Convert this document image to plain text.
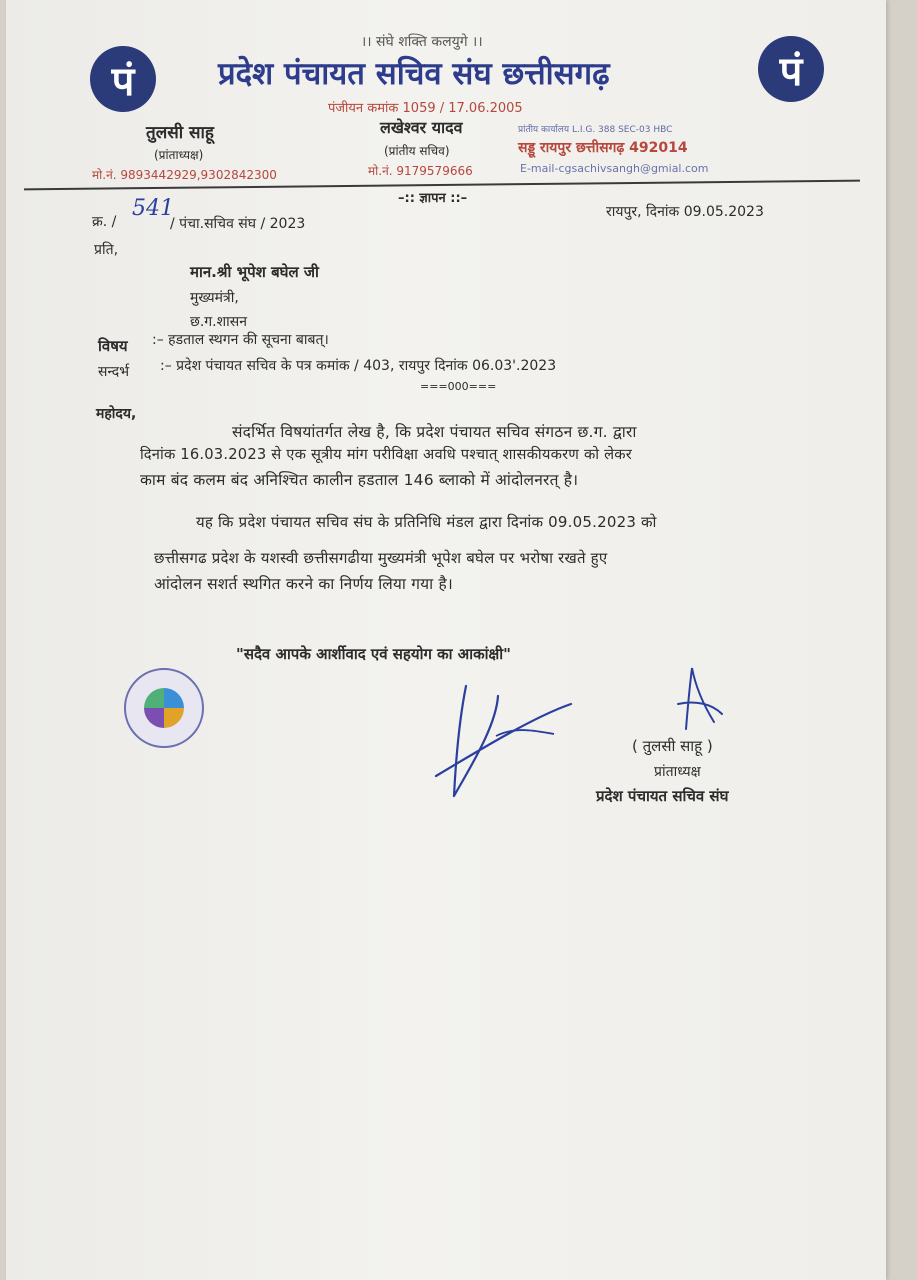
पं	पं
।। संघे शक्ति कलयुगे ।।
प्रदेश पंचायत सचिव संघ छत्तीसगढ़
पंजीयन कमांक 1059 / 17.06.2005
तुलसी साहू
(प्रांताध्यक्ष)
मो.नं. 9893442929,9302842300
लखेश्वर यादव
(प्रांतीय सचिव)
मो.नं. 9179579666
प्रांतीय कार्यालय L.I.G. 388 SEC-03 HBC
सड्डू रायपुर छत्तीसगढ़ 492014
E-mail-cgsachivsangh@gmial.com
–:: ज्ञापन ::–
क्र. /
541
/ पंचा.सचिव संघ / 2023
रायपुर, दिनांक 09.05.2023
प्रति,
मान.श्री भूपेश बघेल जी
मुख्यमंत्री,
छ.ग.शासन
विषय :– हडताल स्थगन की सूचना बाबत्।
सन्दर्भ :– प्रदेश पंचायत सचिव के पत्र कमांक / 403, रायपुर दिनांक 06.03'.2023
===000===
महोदय,
संदर्भित विषयांतर्गत लेख है, कि प्रदेश पंचायत सचिव संगठन छ.ग. द्वारा
दिनांक 16.03.2023 से एक सूत्रीय मांग परीविक्षा अवधि पश्चात् शासकीयकरण को लेकर
काम बंद कलम बंद अनिश्चित कालीन हडताल 146 ब्लाको में आंदोलनरत् है।
यह कि प्रदेश पंचायत सचिव संघ के प्रतिनिधि मंडल द्वारा दिनांक 09.05.2023 को
छत्तीसगढ प्रदेश के यशस्वी छत्तीसगढीया मुख्यमंत्री भूपेश बघेल पर भरोषा रखते हुए
आंदोलन सशर्त स्थगित करने का निर्णय लिया गया है।
"सदैव आपके आर्शीवाद एवं सहयोग का आकांक्षी"
( तुलसी साहू )
प्रांताध्यक्ष
प्रदेश पंचायत सचिव संघ
